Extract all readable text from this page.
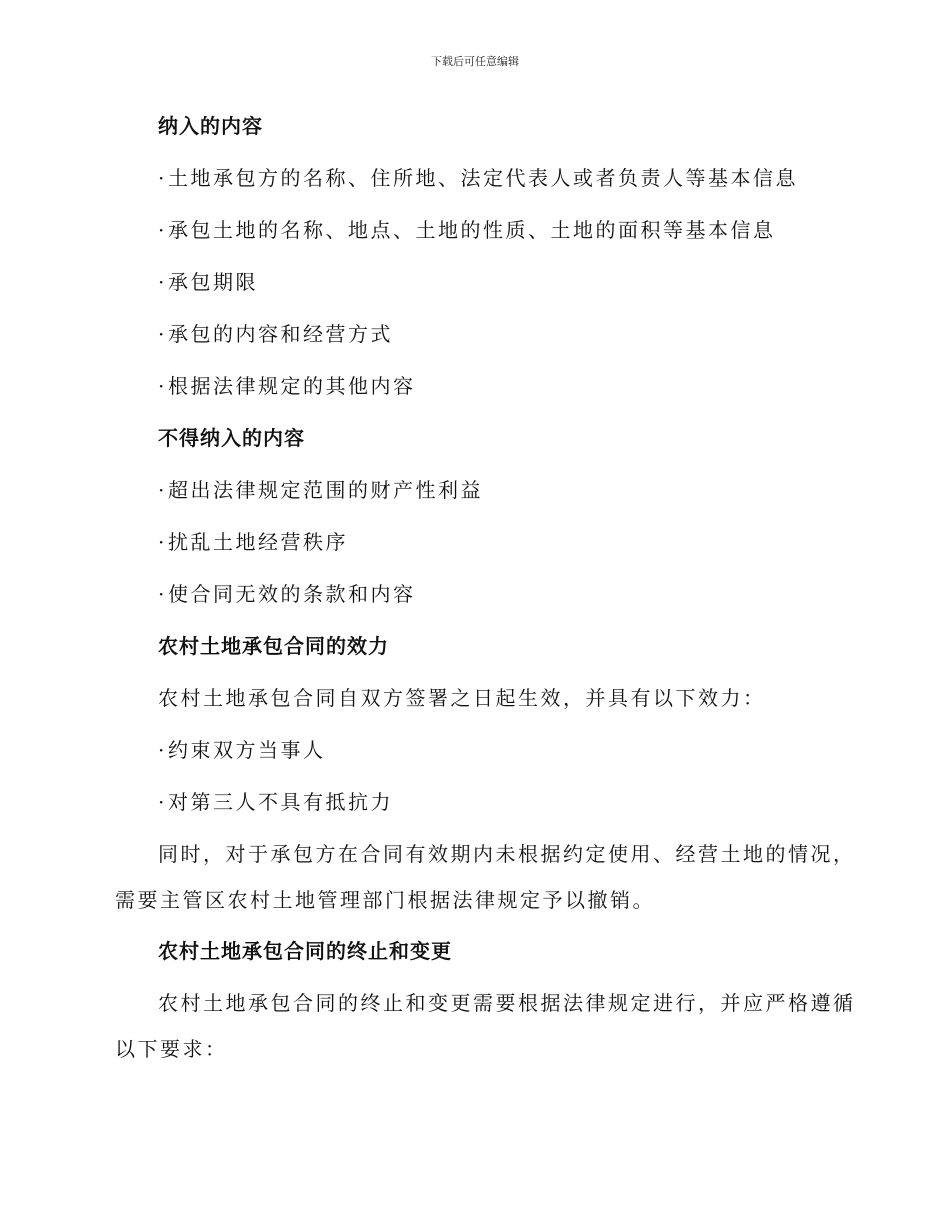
下载后可任意编辑
纳入的内容
· 土地承包方的名称、住所地、法定代表人或者负责人等基本信息
· 承包土地的名称、地点、土地的性质、土地的面积等基本信息
· 承包期限
· 承包的内容和经营方式
· 根据法律规定的其他内容
不得纳入的内容
· 超出法律规定范围的财产性利益
· 扰乱土地经营秩序
· 使合同无效的条款和内容
农村土地承包合同的效力
农村土地承包合同自双方签署之日起生效，并具有以下效力：
· 约束双方当事人
· 对第三人不具有抵抗力
同时，对于承包方在合同有效期内未根据约定使用、经营土地的情况，
需要主管区农村土地管理部门根据法律规定予以撤销。
农村土地承包合同的终止和变更
农村土地承包合同的终止和变更需要根据法律规定进行，并应严格遵循
以下要求：
